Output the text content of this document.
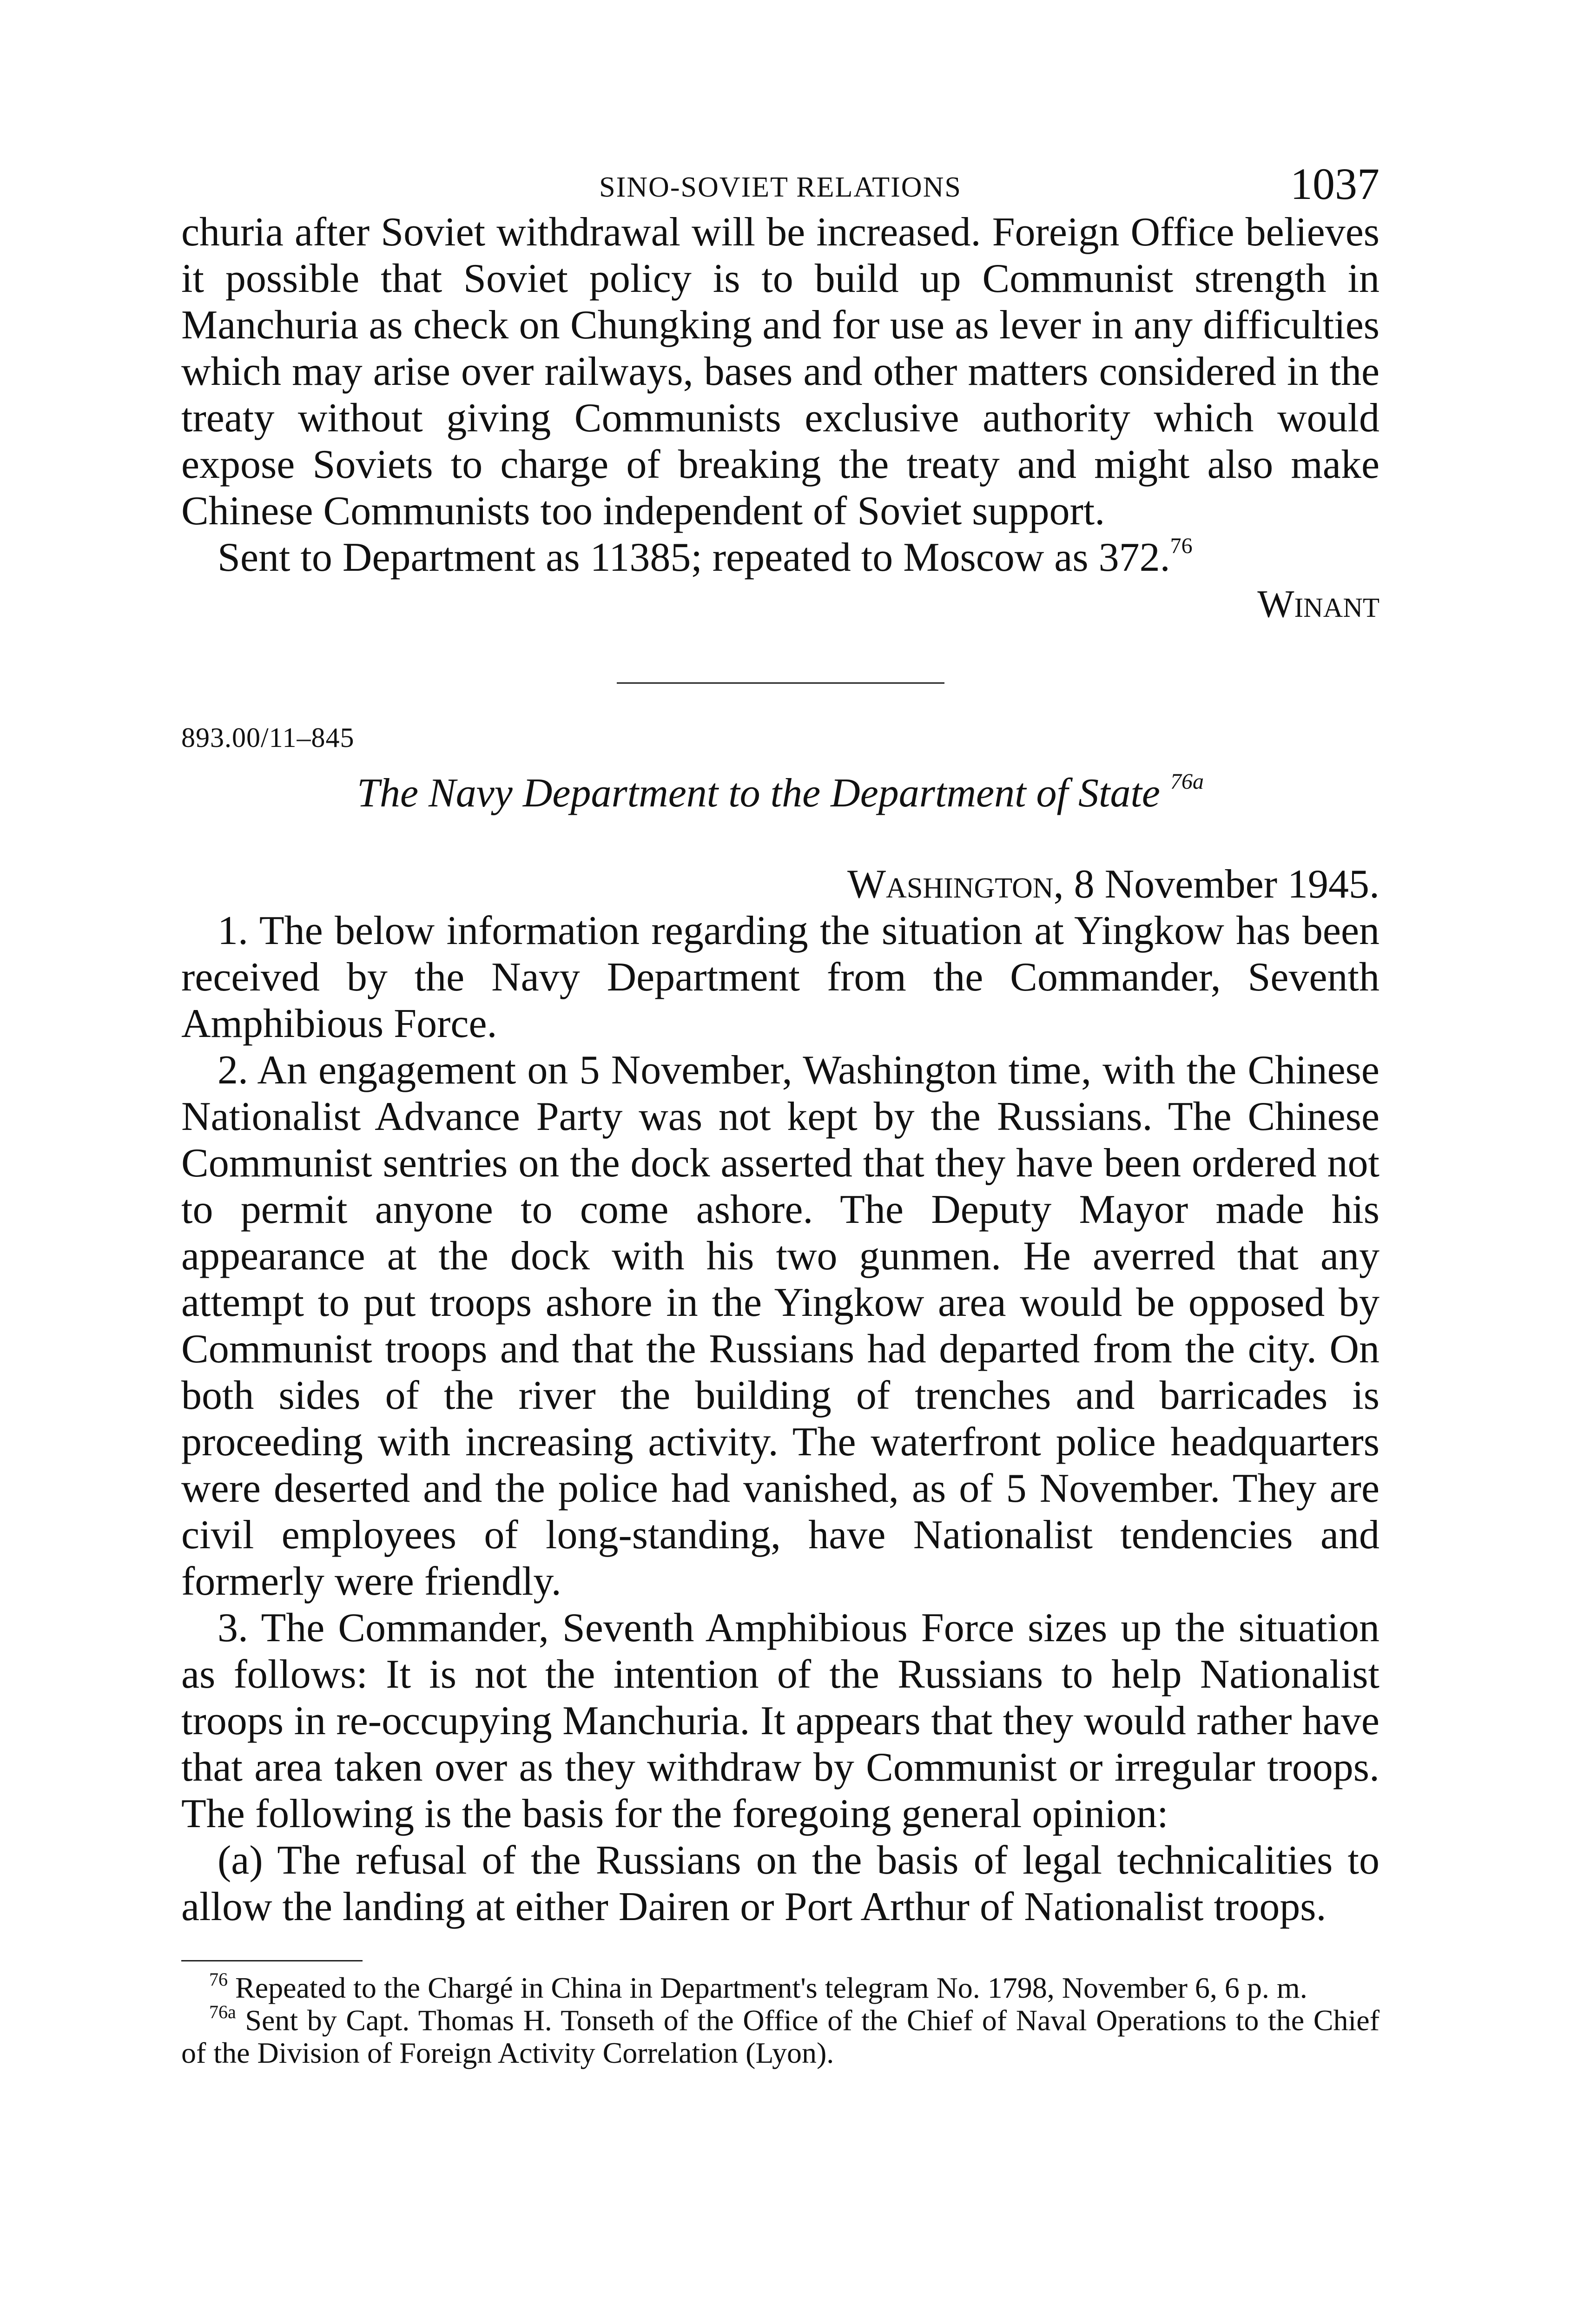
SINO-SOVIET RELATIONS	1037

churia after Soviet withdrawal will be increased. Foreign Office believes it possible that Soviet policy is to build up Communist strength in Manchuria as check on Chungking and for use as lever in any difficulties which may arise over railways, bases and other matters considered in the treaty without giving Communists exclusive authority which would expose Soviets to charge of breaking the treaty and might also make Chinese Communists too independent of Soviet support.

Sent to Department as 11385; repeated to Moscow as 372.76

Winant
893.00/11–845
The Navy Department to the Department of State $^{76a}$
Washington, 8 November 1945.

1. The below information regarding the situation at Yingkow has been received by the Navy Department from the Commander, Seventh Amphibious Force.

2. An engagement on 5 November, Washington time, with the Chinese Nationalist Advance Party was not kept by the Russians. The Chinese Communist sentries on the dock asserted that they have been ordered not to permit anyone to come ashore. The Deputy Mayor made his appearance at the dock with his two gunmen. He averred that any attempt to put troops ashore in the Yingkow area would be opposed by Communist troops and that the Russians had departed from the city. On both sides of the river the building of trenches and barricades is proceeding with increasing activity. The waterfront police headquarters were deserted and the police had vanished, as of 5 November. They are civil employees of long-standing, have Nationalist tendencies and formerly were friendly.

3. The Commander, Seventh Amphibious Force sizes up the situation as follows: It is not the intention of the Russians to help Nationalist troops in re-occupying Manchuria. It appears that they would rather have that area taken over as they withdraw by Communist or irregular troops. The following is the basis for the foregoing general opinion:

(a) The refusal of the Russians on the basis of legal technicalities to allow the landing at either Dairen or Port Arthur of Nationalist troops.

$^{76}$ Repeated to the Chargé in China in Department's telegram No. 1798, November 6, 6 p. m.

$^{76a}$ Sent by Capt. Thomas H. Tonseth of the Office of the Chief of Naval Operations to the Chief of the Division of Foreign Activity Correlation (Lyon).
